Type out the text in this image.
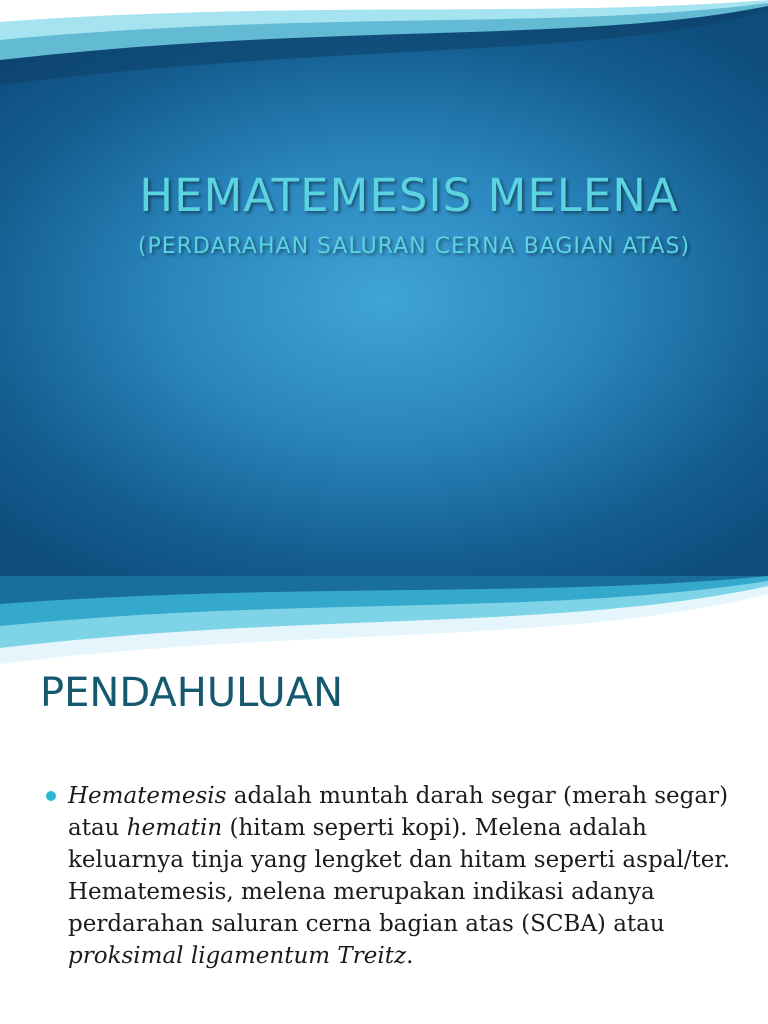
HEMATEMESIS MELENA
(PERDARAHAN SALURAN CERNA BAGIAN ATAS)
PENDAHULUAN
Hematemesis adalah muntah darah segar (merah segar) atau hematin (hitam seperti kopi). Melena adalah keluarnya tinja yang lengket dan hitam seperti aspal/ter. Hematemesis, melena merupakan indikasi adanya perdarahan saluran cerna bagian atas (SCBA) atau proksimal ligamentum Treitz.
